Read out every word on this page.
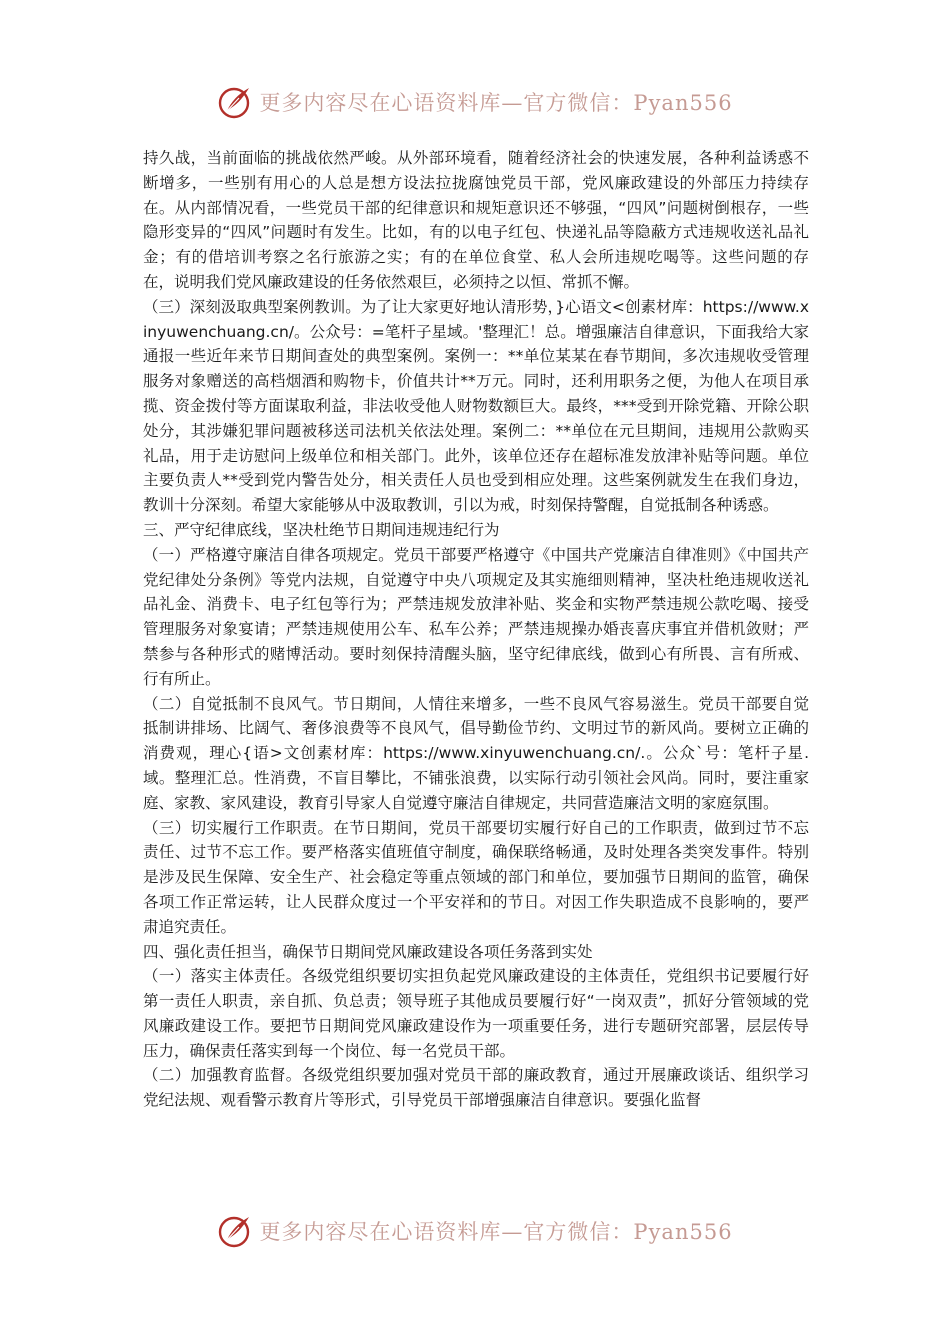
更多内容尽在心语资料库—官方微信：Pyan556

持久战，当前面临的挑战依然严峻。从外部环境看，随着经济社会的快速发展，各种利益诱惑不断增多，一些别有用心的人总是想方设法拉拢腐蚀党员干部，党风廉政建设的外部压力持续存在。从内部情况看，一些党员干部的纪律意识和规矩意识还不够强，“四风”问题树倒根存，一些隐形变异的“四风”问题时有发生。比如，有的以电子红包、快递礼品等隐蔽方式违规收送礼品礼金；有的借培训考察之名行旅游之实；有的在单位食堂、私人会所违规吃喝等。这些问题的存在，说明我们党风廉政建设的任务依然艰巨，必须持之以恒、常抓不懈。

（三）深刻汲取典型案例教训。为了让大家更好地认清形势，}心语文<创素材库：https://www.xinyuwenchuang.cn/。公众号：=笔杆子星域。'整理汇！总。增强廉洁自律意识，下面我给大家通报一些近年来节日期间查处的典型案例。案例一：**单位某某在春节期间，多次违规收受管理服务对象赠送的高档烟酒和购物卡，价值共计**万元。同时，还利用职务之便，为他人在项目承揽、资金拨付等方面谋取利益，非法收受他人财物数额巨大。最终，***受到开除党籍、开除公职处分，其涉嫌犯罪问题被移送司法机关依法处理。案例二：**单位在元旦期间，违规用公款购买礼品，用于走访慰问上级单位和相关部门。此外，该单位还存在超标准发放津补贴等问题。单位主要负责人**受到党内警告处分，相关责任人员也受到相应处理。这些案例就发生在我们身边，教训十分深刻。希望大家能够从中汲取教训，引以为戒，时刻保持警醒，自觉抵制各种诱惑。

三、严守纪律底线，坚决杜绝节日期间违规违纪行为

（一）严格遵守廉洁自律各项规定。党员干部要严格遵守《中国共产党廉洁自律准则》《中国共产党纪律处分条例》等党内法规，自觉遵守中央八项规定及其实施细则精神，坚决杜绝违规收送礼品礼金、消费卡、电子红包等行为；严禁违规发放津补贴、奖金和实物严禁违规公款吃喝、接受管理服务对象宴请；严禁违规使用公车、私车公养；严禁违规操办婚丧喜庆事宜并借机敛财；严禁参与各种形式的赌博活动。要时刻保持清醒头脑，坚守纪律底线，做到心有所畏、言有所戒、行有所止。

（二）自觉抵制不良风气。节日期间，人情往来增多，一些不良风气容易滋生。党员干部要自觉抵制讲排场、比阔气、奢侈浪费等不良风气，倡导勤俭节约、文明过节的新风尚。要树立正确的消费观，理心{语>文创素材库：https://www.xinyuwenchuang.cn/.。公众`号：笔杆子星.域。整理汇总。性消费，不盲目攀比，不铺张浪费，以实际行动引领社会风尚。同时，要注重家庭、家教、家风建设，教育引导家人自觉遵守廉洁自律规定，共同营造廉洁文明的家庭氛围。

（三）切实履行工作职责。在节日期间，党员干部要切实履行好自己的工作职责，做到过节不忘责任、过节不忘工作。要严格落实值班值守制度，确保联络畅通，及时处理各类突发事件。特别是涉及民生保障、安全生产、社会稳定等重点领域的部门和单位，要加强节日期间的监管，确保各项工作正常运转，让人民群众度过一个平安祥和的节日。对因工作失职造成不良影响的，要严肃追究责任。

四、强化责任担当，确保节日期间党风廉政建设各项任务落到实处

（一）落实主体责任。各级党组织要切实担负起党风廉政建设的主体责任，党组织书记要履行好第一责任人职责，亲自抓、负总责；领导班子其他成员要履行好“一岗双责”，抓好分管领域的党风廉政建设工作。要把节日期间党风廉政建设作为一项重要任务，进行专题研究部署，层层传导压力，确保责任落实到每一个岗位、每一名党员干部。

（二）加强教育监督。各级党组织要加强对党员干部的廉政教育，通过开展廉政谈话、组织学习党纪法规、观看警示教育片等形式，引导党员干部增强廉洁自律意识。要强化监督

更多内容尽在心语资料库—官方微信：Pyan556
